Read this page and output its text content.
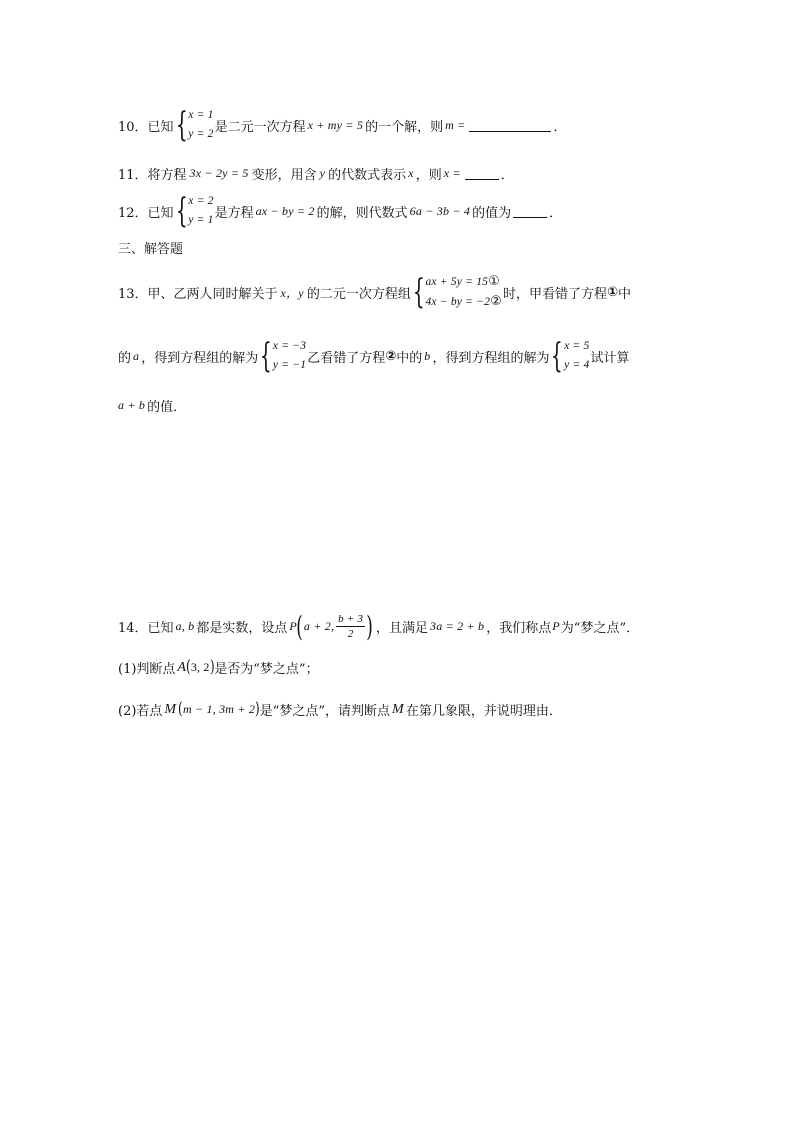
10．已知 { x = 1
y = 2 是二元一次方程 x + my = 5 的一个解，则 m =	．
11．将方程 3x − 2y = 5 变形，用含 y 的代数式表示 x ，则 x =	．
12．已知 { x = 2
y = 1 是方程 ax − by = 2 的解，则代数式 6a − 3b − 4 的值为	．
三、解答题
13．甲、乙两人同时解关于 x，y 的二元一次方程组 { ax + 5y = 15①
4x − by = −2② 时，甲看错了方程 ① 中
的 a ，得到方程组的解为 { x = −3
y = −1 乙看错了方程 ② 中的 b ，得到方程组的解为 { x = 5
y = 4 试计算
a + b 的值．
14．已知 a, b 都是实数，设点 P ( a + 2, $\frac{b + 3}{2}$ ) ，且满足 3a = 2 + b ，我们称点 P 为“梦之点”．
(1)判断点 A ( 3, 2 ) 是否为“梦之点”；
(2)若点 M ( m − 1, 3m + 2 ) 是“梦之点”，请判断点 M 在第几象限，并说明理由．
